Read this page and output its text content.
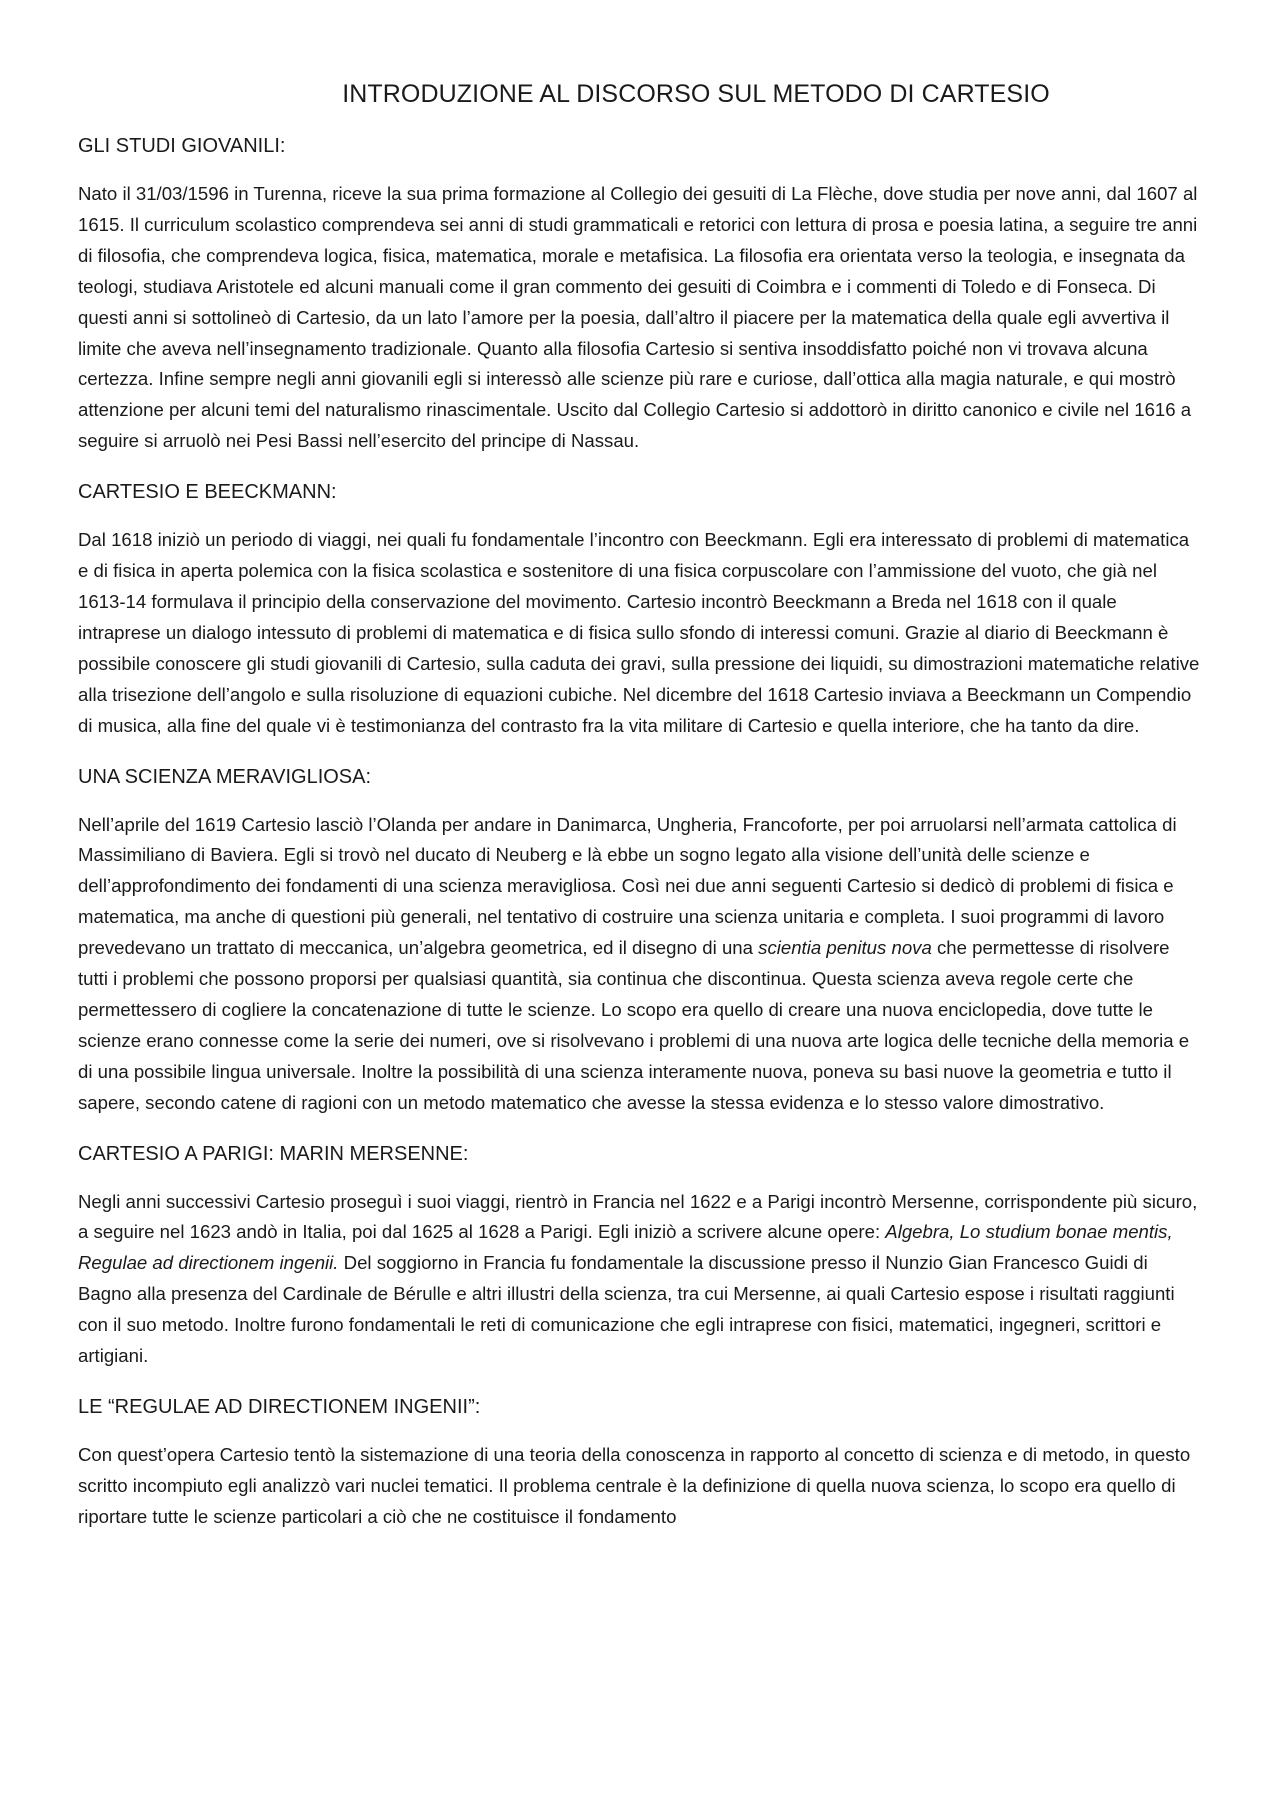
INTRODUZIONE AL DISCORSO SUL METODO DI CARTESIO
GLI STUDI GIOVANILI:

Nato il 31/03/1596 in Turenna, riceve la sua prima formazione al Collegio dei gesuiti di La Flèche, dove studia per nove anni, dal 1607 al 1615. Il curriculum scolastico comprendeva sei anni di studi grammaticali e retorici con lettura di prosa e poesia latina, a seguire tre anni di filosofia, che comprendeva logica, fisica, matematica, morale e metafisica. La filosofia era orientata verso la teologia, e insegnata da teologi, studiava Aristotele ed alcuni manuali come il gran commento dei gesuiti di Coimbra e i commenti di Toledo e di Fonseca. Di questi anni si sottolineò di Cartesio, da un lato l’amore per la poesia, dall’altro il piacere per la matematica della quale egli avvertiva il limite che aveva nell’insegnamento tradizionale. Quanto alla filosofia Cartesio si sentiva insoddisfatto poiché non vi trovava alcuna certezza. Infine sempre negli anni giovanili egli si interessò alle scienze più rare e curiose, dall’ottica alla magia naturale, e qui mostrò attenzione per alcuni temi del naturalismo rinascimentale. Uscito dal Collegio Cartesio si addottorò in diritto canonico e civile nel 1616 a seguire si arruolò nei Pesi Bassi nell’esercito del principe di Nassau.

CARTESIO E BEECKMANN:

Dal 1618 iniziò un periodo di viaggi, nei quali fu fondamentale l’incontro con Beeckmann. Egli era interessato di problemi di matematica e di fisica in aperta polemica con la fisica scolastica e sostenitore di una fisica corpuscolare con l’ammissione del vuoto, che già nel 1613-14 formulava il principio della conservazione del movimento. Cartesio incontrò Beeckmann a Breda nel 1618 con il quale intraprese un dialogo intessuto di problemi di matematica e di fisica sullo sfondo di interessi comuni. Grazie al diario di Beeckmann è possibile conoscere gli studi giovanili di Cartesio, sulla caduta dei gravi, sulla pressione dei liquidi, su dimostrazioni matematiche relative alla trisezione dell’angolo e sulla risoluzione di equazioni cubiche. Nel dicembre del 1618 Cartesio inviava a Beeckmann un Compendio di musica, alla fine del quale vi è testimonianza del contrasto fra la vita militare di Cartesio e quella interiore, che ha tanto da dire.

UNA SCIENZA MERAVIGLIOSA:

Nell’aprile del 1619 Cartesio lasciò l’Olanda per andare in Danimarca, Ungheria, Francoforte, per poi arruolarsi nell’armata cattolica di Massimiliano di Baviera. Egli si trovò nel ducato di Neuberg e là ebbe un sogno legato alla visione dell’unità delle scienze e dell’approfondimento dei fondamenti di una scienza meravigliosa. Così nei due anni seguenti Cartesio si dedicò di problemi di fisica e matematica, ma anche di questioni più generali, nel tentativo di costruire una scienza unitaria e completa. I suoi programmi di lavoro prevedevano un trattato di meccanica, un’algebra geometrica, ed il disegno di una scientia penitus nova che permettesse di risolvere tutti i problemi che possono proporsi per qualsiasi quantità, sia continua che discontinua. Questa scienza aveva regole certe che permettessero di cogliere la concatenazione di tutte le scienze. Lo scopo era quello di creare una nuova enciclopedia, dove tutte le scienze erano connesse come la serie dei numeri, ove si risolvevano i problemi di una nuova arte logica delle tecniche della memoria e di una possibile lingua universale. Inoltre la possibilità di una scienza interamente nuova, poneva su basi nuove la geometria e tutto il sapere, secondo catene di ragioni con un metodo matematico che avesse la stessa evidenza e lo stesso valore dimostrativo.

CARTESIO A PARIGI: MARIN MERSENNE:

Negli anni successivi Cartesio proseguì i suoi viaggi, rientrò in Francia nel 1622 e a Parigi incontrò Mersenne, corrispondente più sicuro, a seguire nel 1623 andò in Italia, poi dal 1625 al 1628 a Parigi. Egli iniziò a scrivere alcune opere: Algebra, Lo studium bonae mentis, Regulae ad directionem ingenii. Del soggiorno in Francia fu fondamentale la discussione presso il Nunzio Gian Francesco Guidi di Bagno alla presenza del Cardinale de Bérulle e altri illustri della scienza, tra cui Mersenne, ai quali Cartesio espose i risultati raggiunti con il suo metodo. Inoltre furono fondamentali le reti di comunicazione che egli intraprese con fisici, matematici, ingegneri, scrittori e artigiani.

LE “REGULAE AD DIRECTIONEM INGENII”:

Con quest’opera Cartesio tentò la sistemazione di una teoria della conoscenza in rapporto al concetto di scienza e di metodo, in questo scritto incompiuto egli analizzò vari nuclei tematici. Il problema centrale è la definizione di quella nuova scienza, lo scopo era quello di riportare tutte le scienze particolari a ciò che ne costituisce il fondamento
